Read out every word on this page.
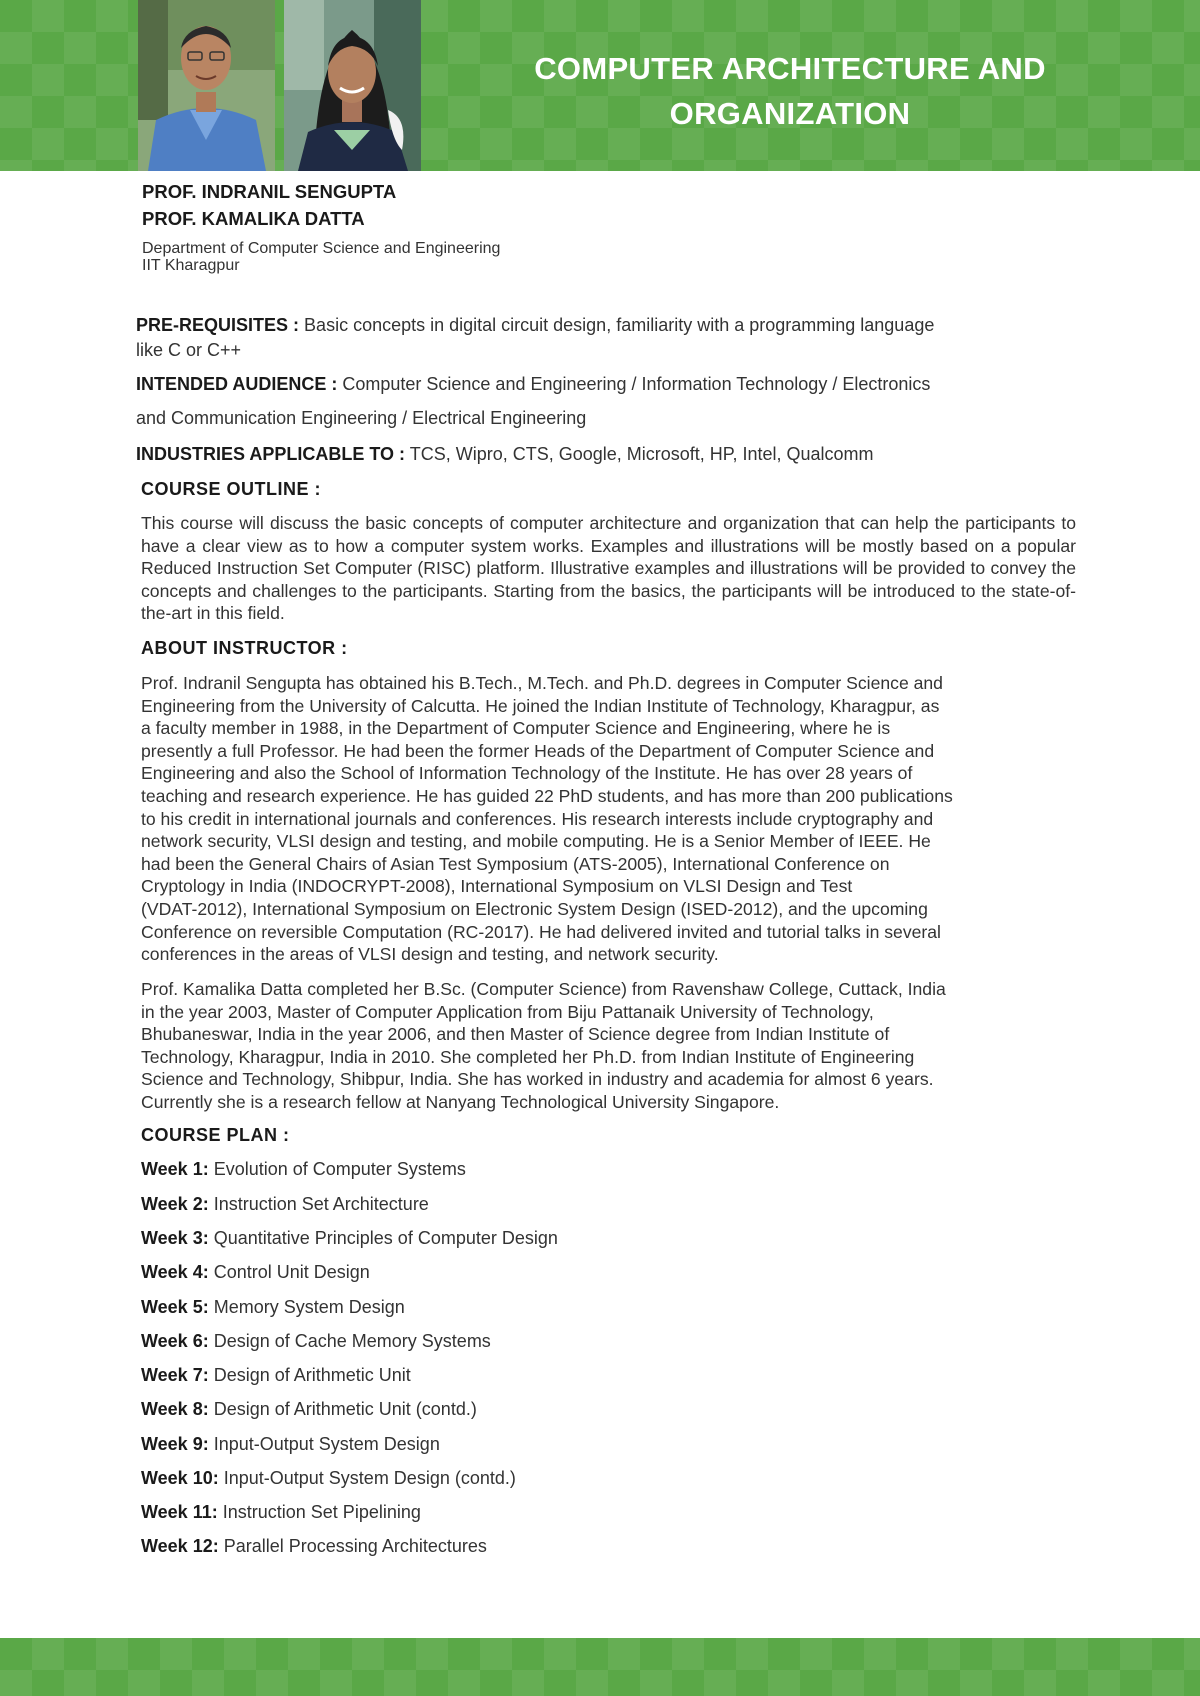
COMPUTER ARCHITECTURE AND
ORGANIZATION
PROF. INDRANIL SENGUPTA
PROF. KAMALIKA DATTA
Department of Computer Science and Engineering
IIT Kharagpur
PRE-REQUISITES : Basic concepts in digital circuit design, familiarity with a programming language
like C or C++
INTENDED AUDIENCE : Computer Science and Engineering / Information Technology / Electronics
and Communication Engineering / Electrical Engineering
INDUSTRIES APPLICABLE TO : TCS, Wipro, CTS, Google, Microsoft, HP, Intel, Qualcomm
COURSE OUTLINE :

This course will discuss the basic concepts of computer architecture and organization that can help the participants to have a clear view as to how a computer system works. Examples and illustrations will be mostly based on a popular Reduced Instruction Set Computer (RISC) platform. Illustrative examples and illustrations will be provided to convey the concepts and challenges to the participants. Starting from the basics, the participants will be introduced to the state-of-the-art in this field.

ABOUT INSTRUCTOR :
Prof. Indranil Sengupta has obtained his B.Tech., M.Tech. and Ph.D. degrees in Computer Science and
Engineering from the University of Calcutta. He joined the Indian Institute of Technology, Kharagpur, as
a faculty member in 1988, in the Department of Computer Science and Engineering, where he is
presently a full Professor. He had been the former Heads of the Department of Computer Science and
Engineering and also the School of Information Technology of the Institute. He has over 28 years of
teaching and research experience. He has guided 22 PhD students, and has more than 200 publications
to his credit in international journals and conferences. His research interests include cryptography and
network security, VLSI design and testing, and mobile computing. He is a Senior Member of IEEE. He
had been the General Chairs of Asian Test Symposium (ATS-2005), International Conference on
Cryptology in India (INDOCRYPT-2008), International Symposium on VLSI Design and Test
(VDAT-2012), International Symposium on Electronic System Design (ISED-2012), and the upcoming
Conference on reversible Computation (RC-2017). He had delivered invited and tutorial talks in several
conferences in the areas of VLSI design and testing, and network security.
Prof. Kamalika Datta completed her B.Sc. (Computer Science) from Ravenshaw College, Cuttack, India
in the year 2003, Master of Computer Application from Biju Pattanaik University of Technology,
Bhubaneswar, India in the year 2006, and then Master of Science degree from Indian Institute of
Technology, Kharagpur, India in 2010. She completed her Ph.D. from Indian Institute of Engineering
Science and Technology, Shibpur, India. She has worked in industry and academia for almost 6 years.
Currently she is a research fellow at Nanyang Technological University Singapore.
COURSE PLAN :
Week 1: Evolution of Computer Systems
Week 2: Instruction Set Architecture
Week 3: Quantitative Principles of Computer Design
Week 4: Control Unit Design
Week 5: Memory System Design
Week 6: Design of Cache Memory Systems
Week 7: Design of Arithmetic Unit
Week 8: Design of Arithmetic Unit (contd.)
Week 9: Input-Output System Design
Week 10: Input-Output System Design (contd.)
Week 11: Instruction Set Pipelining
Week 12: Parallel Processing Architectures
